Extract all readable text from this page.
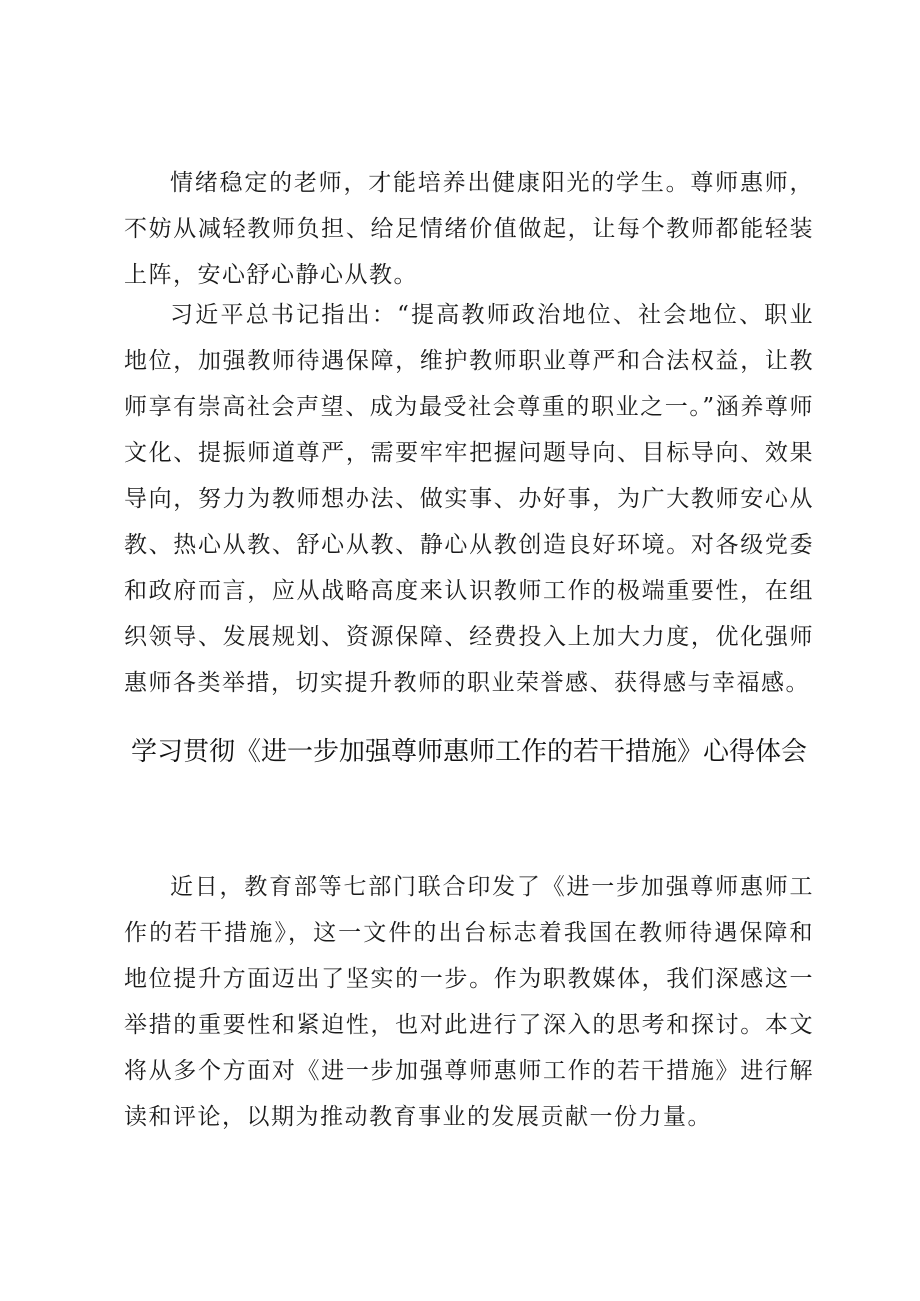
情绪稳定的老师，才能培养出健康阳光的学生。尊师惠师，不妨从减轻教师负担、给足情绪价值做起，让每个教师都能轻装上阵，安心舒心静心从教。

习近平总书记指出：“提高教师政治地位、社会地位、职业地位，加强教师待遇保障，维护教师职业尊严和合法权益，让教师享有崇高社会声望、成为最受社会尊重的职业之一。”涵养尊师文化、提振师道尊严，需要牢牢把握问题导向、目标导向、效果导向，努力为教师想办法、做实事、办好事，为广大教师安心从教、热心从教、舒心从教、静心从教创造良好环境。对各级党委和政府而言，应从战略高度来认识教师工作的极端重要性，在组织领导、发展规划、资源保障、经费投入上加大力度，优化强师惠师各类举措，切实提升教师的职业荣誉感、获得感与幸福感。

学习贯彻《进一步加强尊师惠师工作的若干措施》心得体会

近日，教育部等七部门联合印发了《进一步加强尊师惠师工作的若干措施》，这一文件的出台标志着我国在教师待遇保障和地位提升方面迈出了坚实的一步。作为职教媒体，我们深感这一举措的重要性和紧迫性，也对此进行了深入的思考和探讨。本文将从多个方面对《进一步加强尊师惠师工作的若干措施》进行解读和评论，以期为推动教育事业的发展贡献一份力量。
